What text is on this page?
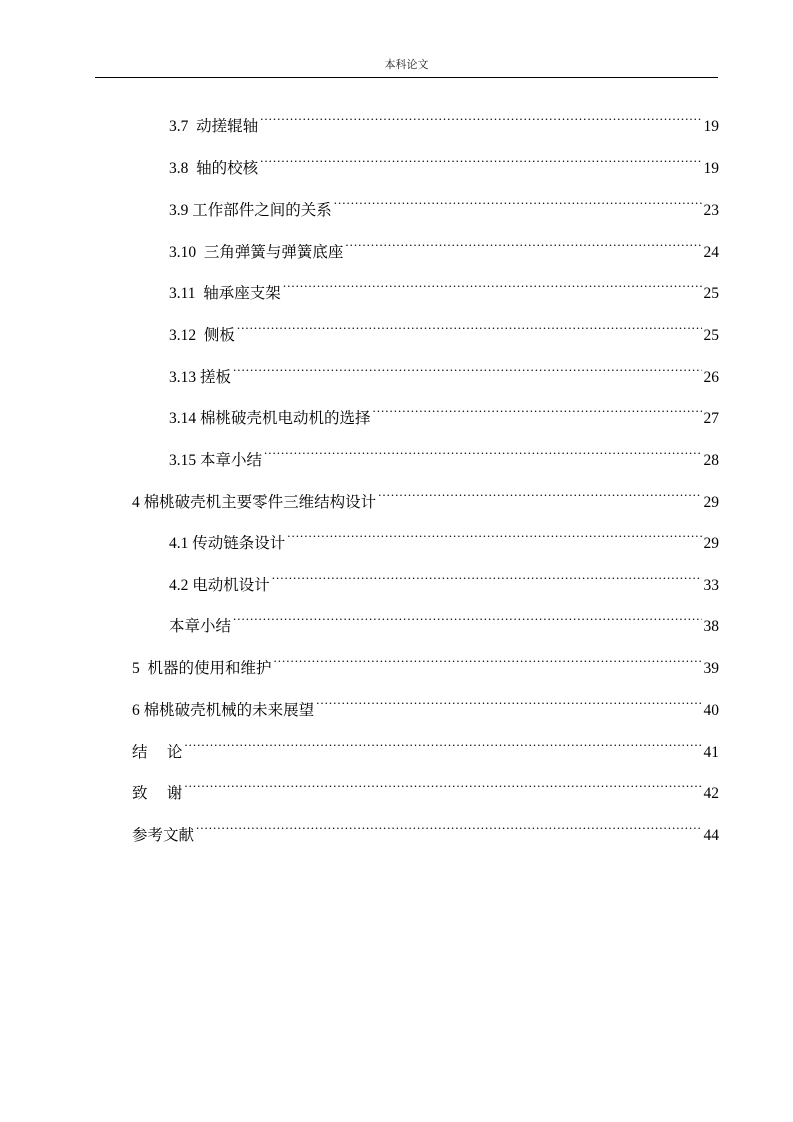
本科论文
3.7  动搓辊轴 .....	19
3.8  轴的校核 .....	19
3.9 工作部件之间的关系 .....	23
3.10  三角弹簧与弹簧底座 .....	24
3.11  轴承座支架 .....	25
3.12  侧板 .....	25
3.13 搓板 .....	26
3.14 棉桃破壳机电动机的选择 .....	27
3.15 本章小结 .....	28
4 棉桃破壳机主要零件三维结构设计 .....	29
4.1 传动链条设计 .....	29
4.2 电动机设计 .....	33
本章小结 .....	38
5  机器的使用和维护 .....	39
6 棉桃破壳机械的未来展望 .....	40
结     论 .....	41
致     谢 .....	42
参考文献 .....	44
